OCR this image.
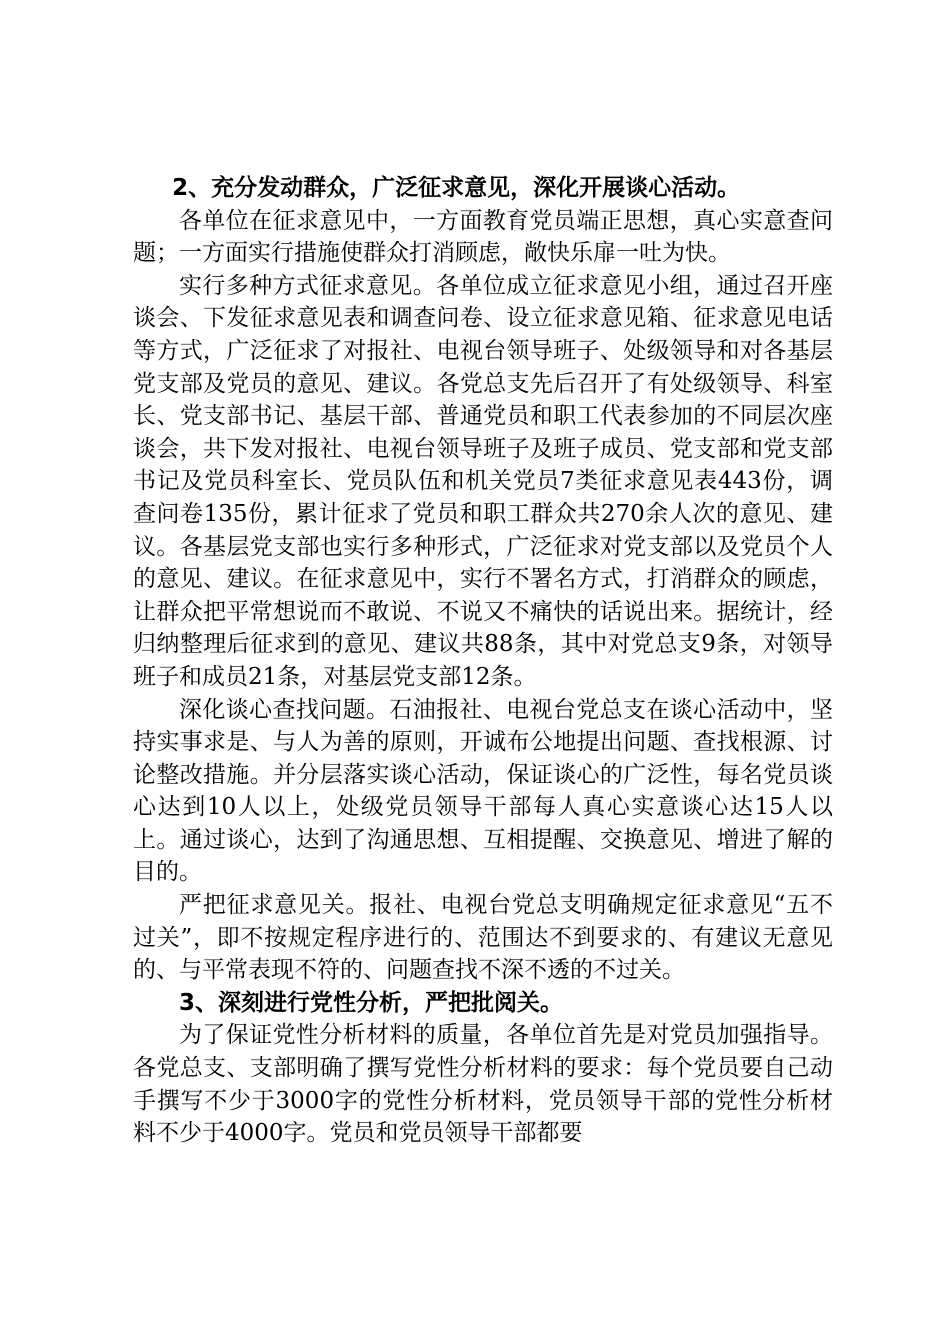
2、充分发动群众，广泛征求意见，深化开展谈心活动。

各单位在征求意见中，一方面教育党员端正思想，真心实意查问题；一方面实行措施使群众打消顾虑，敞快乐扉一吐为快。

实行多种方式征求意见。各单位成立征求意见小组，通过召开座谈会、下发征求意见表和调查问卷、设立征求意见箱、征求意见电话等方式，广泛征求了对报社、电视台领导班子、处级领导和对各基层党支部及党员的意见、建议。各党总支先后召开了有处级领导、科室长、党支部书记、基层干部、普通党员和职工代表参加的不同层次座谈会，共下发对报社、电视台领导班子及班子成员、党支部和党支部书记及党员科室长、党员队伍和机关党员7类征求意见表443份，调查问卷135份，累计征求了党员和职工群众共270余人次的意见、建议。各基层党支部也实行多种形式，广泛征求对党支部以及党员个人的意见、建议。在征求意见中，实行不署名方式，打消群众的顾虑，让群众把平常想说而不敢说、不说又不痛快的话说出来。据统计，经归纳整理后征求到的意见、建议共88条，其中对党总支9条，对领导班子和成员21条，对基层党支部12条。

深化谈心查找问题。石油报社、电视台党总支在谈心活动中，坚持实事求是、与人为善的原则，开诚布公地提出问题、查找根源、讨论整改措施。并分层落实谈心活动，保证谈心的广泛性，每名党员谈心达到10人以上，处级党员领导干部每人真心实意谈心达15人以上。通过谈心，达到了沟通思想、互相提醒、交换意见、增进了解的目的。

严把征求意见关。报社、电视台党总支明确规定征求意见“五不过关”，即不按规定程序进行的、范围达不到要求的、有建议无意见的、与平常表现不符的、问题查找不深不透的不过关。

3、深刻进行党性分析，严把批阅关。

为了保证党性分析材料的质量，各单位首先是对党员加强指导。各党总支、支部明确了撰写党性分析材料的要求：每个党员要自己动手撰写不少于3000字的党性分析材料，党员领导干部的党性分析材料不少于4000字。党员和党员领导干部都要
